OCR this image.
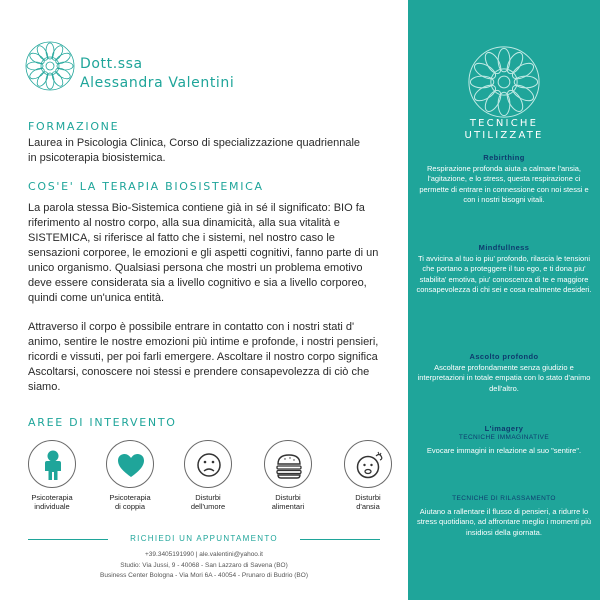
Dott.ssa
Alessandra Valentini
FORMAZIONE
Laurea in Psicologia Clinica, Corso di specializzazione quadriennale in psicoterapia biosistemica.
COS'E' LA TERAPIA BIOSISTEMICA
La parola stessa Bio-Sistemica contiene già in sé il significato: BIO fa riferimento al nostro corpo, alla sua dinamicità, alla sua vitalità e SISTEMICA, si riferisce al fatto che i sistemi, nel nostro caso le sensazioni corporee, le emozioni e gli aspetti cognitivi, fanno parte di un unico organismo. Qualsiasi persona che mostri un problema emotivo deve essere considerata sia a livello cognitivo e sia a livello corporeo, quindi come un'unica entità.
Attraverso il corpo è possibile entrare in contatto con i nostri stati d' animo, sentire le nostre emozioni più intime e profonde, i nostri pensieri, ricordi e vissuti, per poi farli emergere. Ascoltare il nostro corpo significa Ascoltarsi, conoscere noi stessi e prendere consapevolezza di ciò che siamo.
AREE DI INTERVENTO
Psicoterapia
individuale
Psicoterapia
di coppia
Disturbi
dell'umore
Disturbi
alimentari
Disturbi
d'ansia
RICHIEDI UN APPUNTAMENTO
+39.3405191990 | ale.valentini@yahoo.it
Studio: Via Jussi, 9 - 40068 - San Lazzaro di Savena (BO)
Business Center Bologna - Via Mori 6A - 40054 - Prunaro di Budrio (BO)
TECNICHE
UTILIZZATE
Rebirthing
Respirazione profonda aiuta a calmare l'ansia, l'agitazione, e lo stress, questa respirazione ci permette di entrare in connessione con noi stessi e con i nostri bisogni vitali.
Mindfullness
Ti avvicina al tuo io piu' profondo, rilascia le tensioni che portano a proteggere il tuo ego, e ti dona piu' stabilita' emotiva, piu' conoscenza di te e maggiore consapevolezza di chi sei e cosa realmente desideri.
Ascolto profondo
Ascoltare profondamente senza giudizio e interpretazioni in totale empatia con lo stato d'animo dell'altro.
L'imagery
TECNICHE IMMAGINATIVE
Evocare immagini in relazione al suo "sentire".
TECNICHE DI RILASSAMENTO
Aiutano a rallentare il flusso di pensieri, a ridurre lo stress quotidiano, ad affrontare meglio i momenti più insidiosi della giornata.
